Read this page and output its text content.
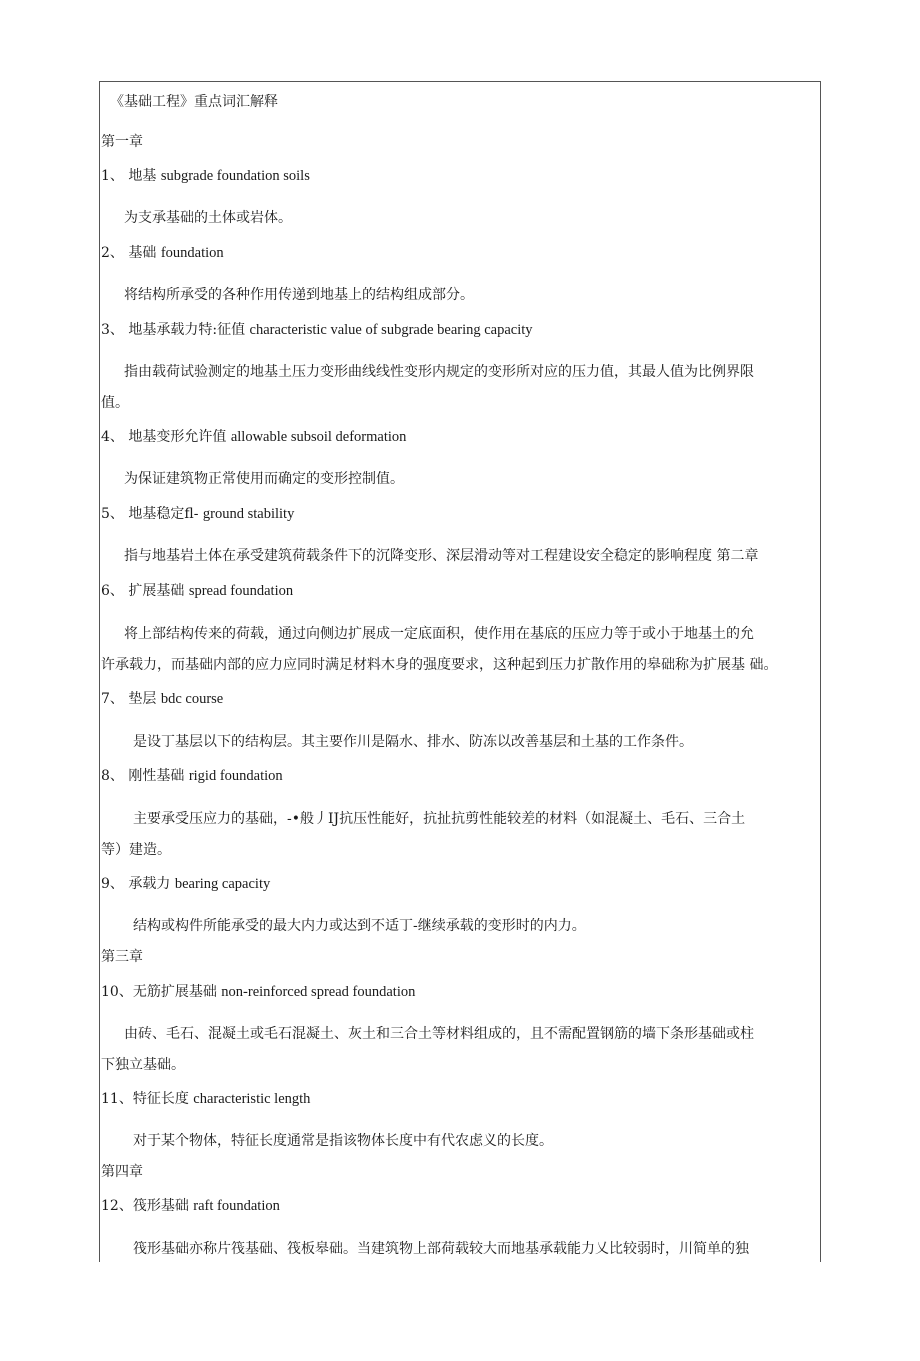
《基础工程》重点词汇解释
第一章
1、 地基 subgrade foundation soils
为支承基础的土体或岩体。
2、 基础 foundation
将结构所承受的各种作用传递到地基上的结构组成部分。
3、 地基承载力特:征值 characteristic value of subgrade bearing capacity
指由载荷试验测定的地基土压力变形曲线线性变形内规定的变形所对应的压力值，其最人值为比例界限
值。
4、 地基变形允许值 allowable subsoil deformation
为保证建筑物正常使用而确定的变形控制值。
5、 地基稳定fl- ground stability
指与地基岩土体在承受建筑荷载条件下的沉降变形、深层滑动等对工程建设安全稳定的影响程度 第二章
6、 扩展基础 spread foundation
将上部结构传来的荷载，通过向侧边扩展成一定底面积，使作用在基底的压应力等于或小于地基土的允
许承载力，而基础内部的应力应同时满足材料木身的强度要求，这种起到压力扩散作用的皋础称为扩展基 础。
7、 垫层 bdc course
是设丁基层以下的结构层。其主要作川是隔水、排水、防冻以改善基层和土基的工作条件。
8、 刚性基础 rigid foundation
主要承受压应力的基础，-•般丿IJ抗压性能好，抗扯抗剪性能较差的材料（如混凝土、毛石、三合土
等）建造。
9、 承载力 bearing capacity
结构或构件所能承受的最大内力或达到不适丁-继续承载的变形时的内力。
第三章
10、无筋扩展基础 non-reinforced spread foundation
由砖、毛石、混凝土或毛石混凝土、灰土和三合土等材料组成的，且不需配置钢筋的墙下条形基础或柱
下独立基础。
11、特征长度 characteristic length
对于某个物体，特征长度通常是指该物体长度中有代农虑义的长度。
第四章
12、筏形基础 raft foundation
筏形基础亦称片筏基础、筏板皋础。当建筑物上部荷载较大而地基承载能力乂比较弱时，川简单的独
